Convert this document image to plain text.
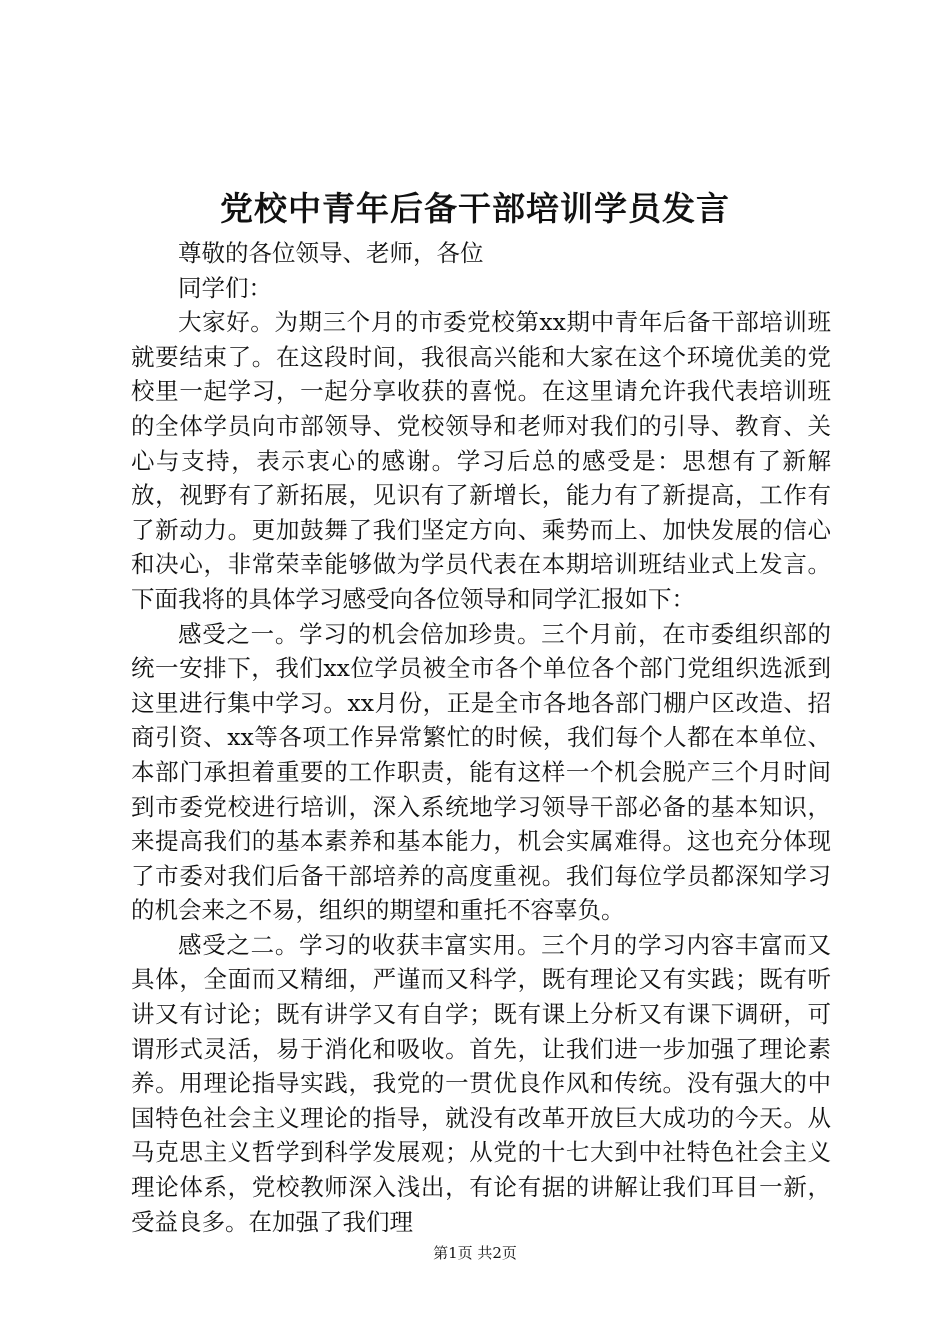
党校中青年后备干部培训学员发言

尊敬的各位领导、老师，各位

同学们：

大家好。为期三个月的市委党校第xx期中青年后备干部培训班就要结束了。在这段时间，我很高兴能和大家在这个环境优美的党校里一起学习，一起分享收获的喜悦。在这里请允许我代表培训班的全体学员向市部领导、党校领导和老师对我们的引导、教育、关心与支持，表示衷心的感谢。学习后总的感受是：思想有了新解放，视野有了新拓展，见识有了新增长，能力有了新提高，工作有了新动力。更加鼓舞了我们坚定方向、乘势而上、加快发展的信心和决心，非常荣幸能够做为学员代表在本期培训班结业式上发言。下面我将的具体学习感受向各位领导和同学汇报如下：

感受之一。学习的机会倍加珍贵。三个月前，在市委组织部的统一安排下，我们xx位学员被全市各个单位各个部门党组织选派到这里进行集中学习。xx月份，正是全市各地各部门棚户区改造、招商引资、xx等各项工作异常繁忙的时候，我们每个人都在本单位、本部门承担着重要的工作职责，能有这样一个机会脱产三个月时间到市委党校进行培训，深入系统地学习领导干部必备的基本知识，来提高我们的基本素养和基本能力，机会实属难得。这也充分体现了市委对我们后备干部培养的高度重视。我们每位学员都深知学习的机会来之不易，组织的期望和重托不容辜负。

感受之二。学习的收获丰富实用。三个月的学习内容丰富而又具体，全面而又精细，严谨而又科学，既有理论又有实践；既有听讲又有讨论；既有讲学又有自学；既有课上分析又有课下调研，可谓形式灵活，易于消化和吸收。首先，让我们进一步加强了理论素养。用理论指导实践，我党的一贯优良作风和传统。没有强大的中国特色社会主义理论的指导，就没有改革开放巨大成功的今天。从马克思主义哲学到科学发展观；从党的十七大到中社特色社会主义理论体系，党校教师深入浅出，有论有据的讲解让我们耳目一新，受益良多。在加强了我们理

第1页 共2页
